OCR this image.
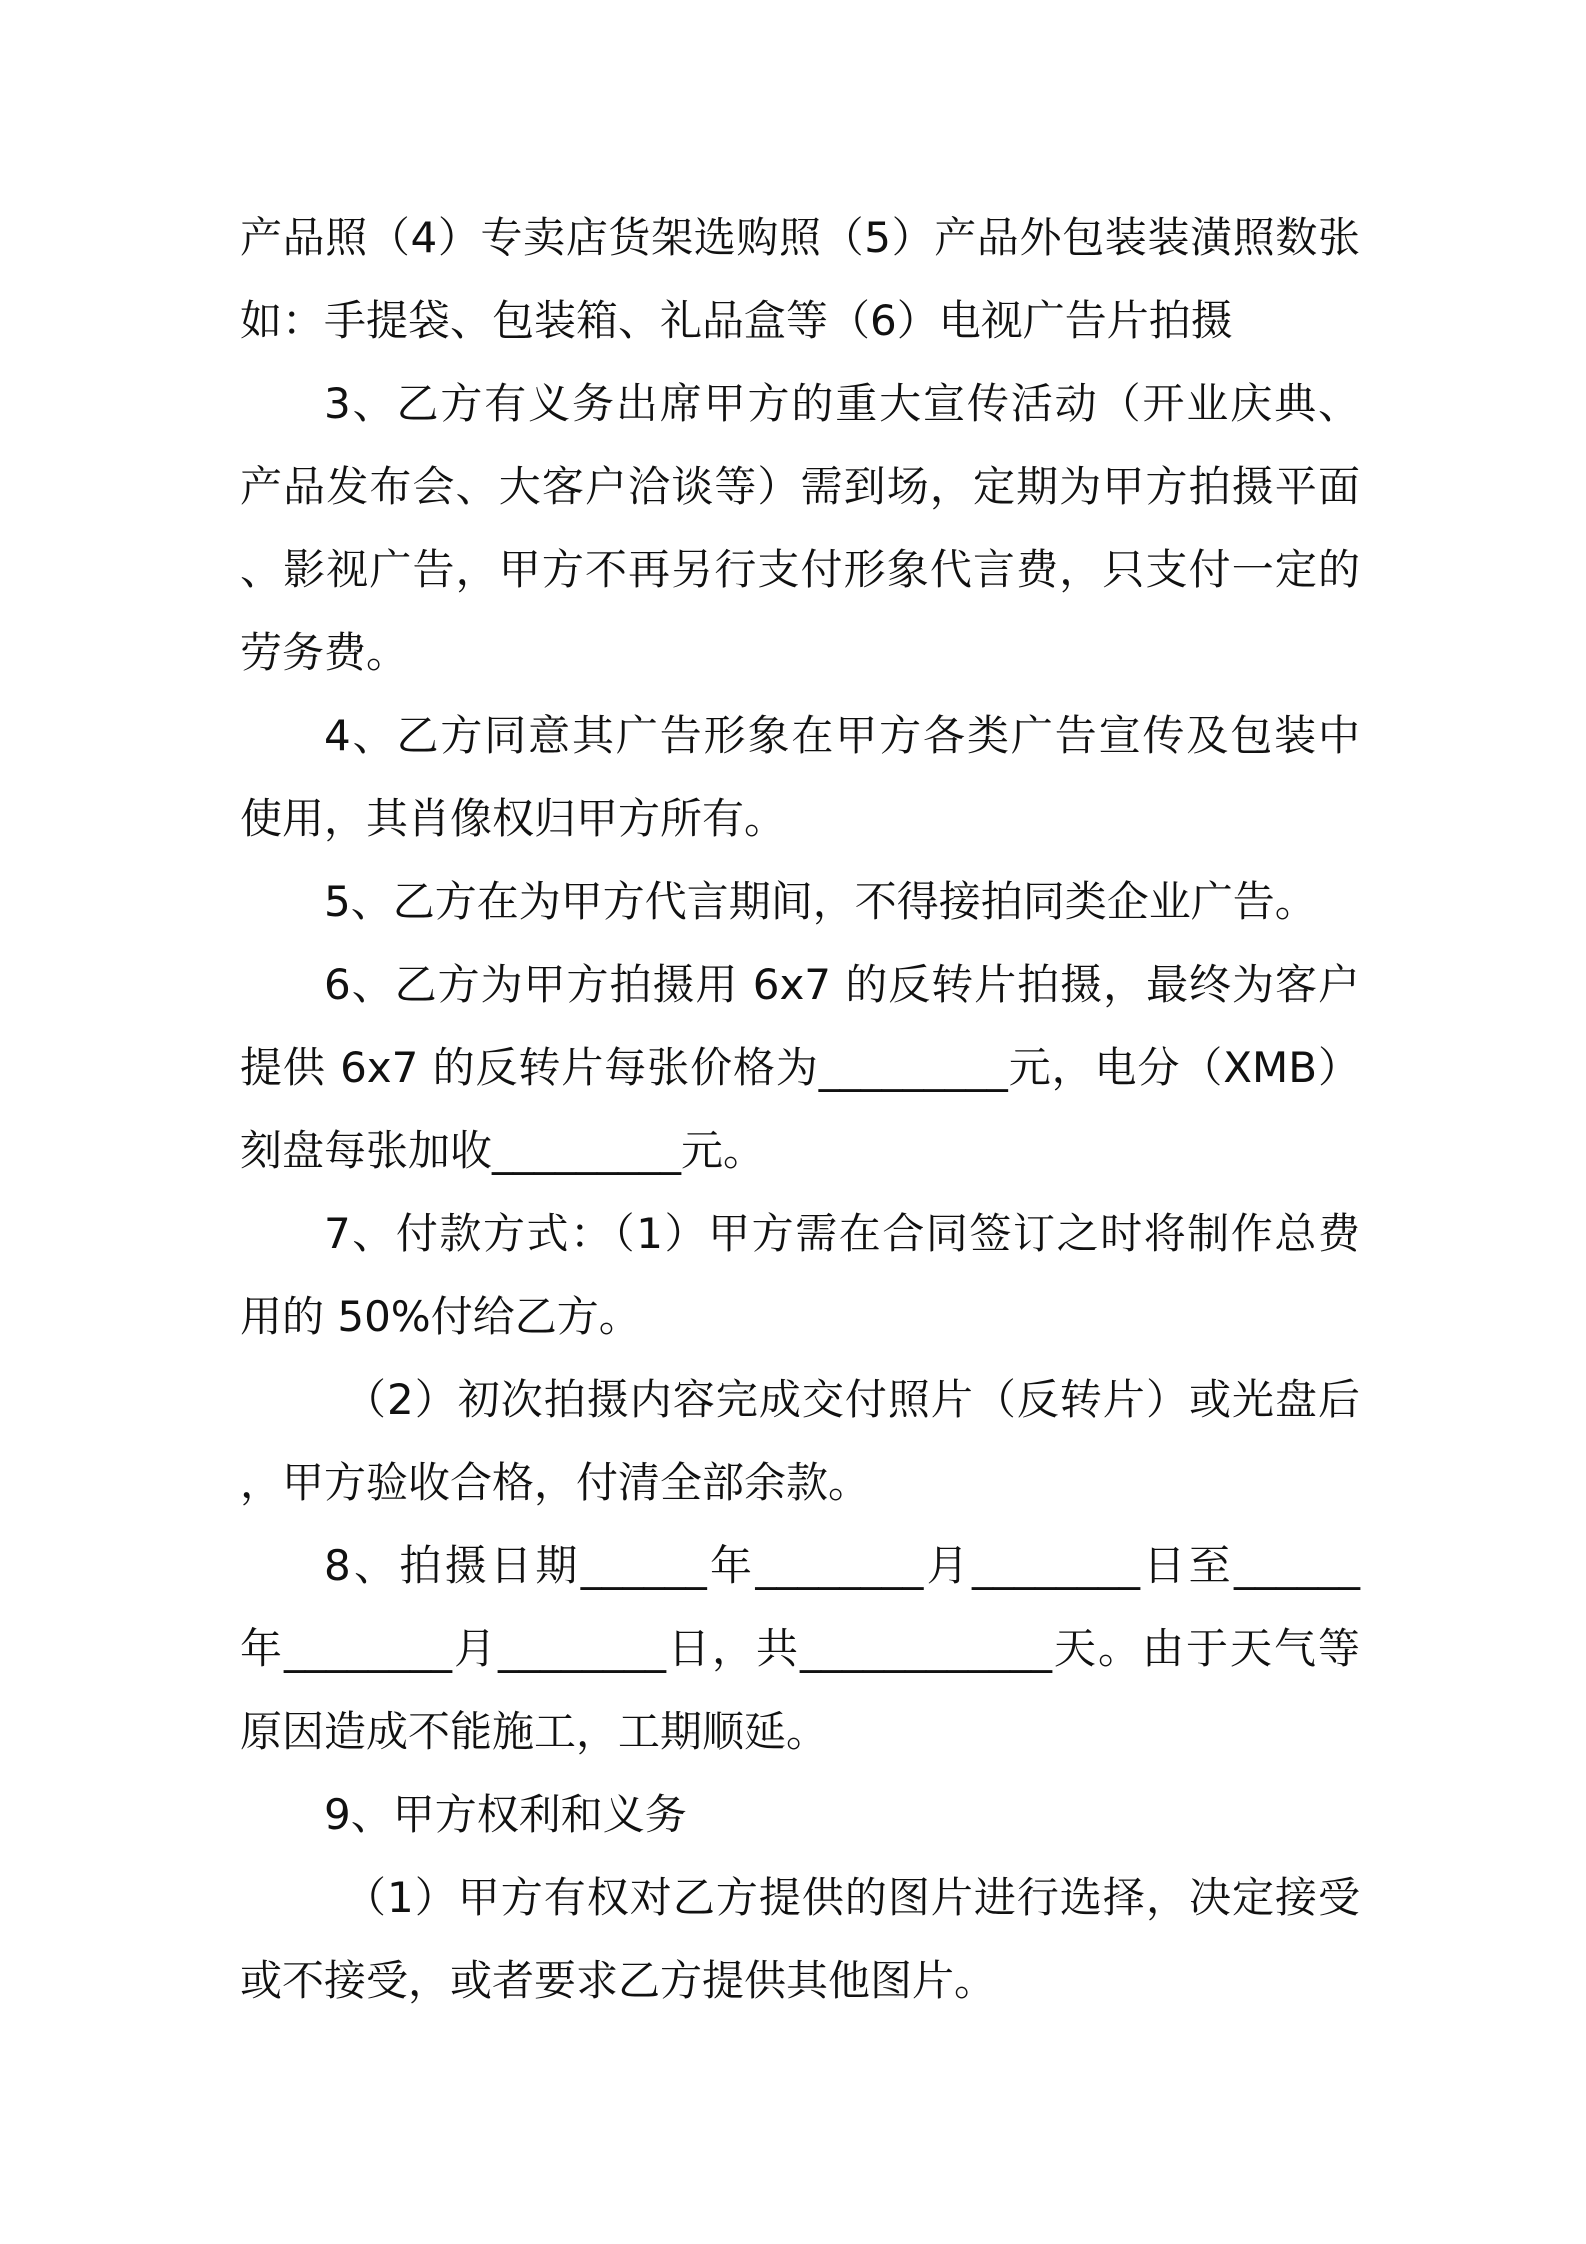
产品照（4）专卖店货架选购照（5）产品外包装装潢照数张
如：手提袋、包装箱、礼品盒等（6）电视广告片拍摄
3、乙方有义务出席甲方的重大宣传活动（开业庆典、
产品发布会、大客户洽谈等）需到场，定期为甲方拍摄平面
、影视广告，甲方不再另行支付形象代言费，只支付一定的
劳务费。
4、乙方同意其广告形象在甲方各类广告宣传及包装中
使用，其肖像权归甲方所有。
5、乙方在为甲方代言期间，不得接拍同类企业广告。
6、乙方为甲方拍摄用 6x7 的反转片拍摄，最终为客户
提供 6x7 的反转片每张价格为_________元，电分（XMB）
刻盘每张加收_________元。
7、付款方式：（1）甲方需在合同签订之时将制作总费
用的 50%付给乙方。
（2）初次拍摄内容完成交付照片（反转片）或光盘后
，甲方验收合格，付清全部余款。
8、拍摄日期______年________月________日至______
年________月________日，共____________天。由于天气等
原因造成不能施工，工期顺延。
9、甲方权利和义务
（1）甲方有权对乙方提供的图片进行选择，决定接受
或不接受，或者要求乙方提供其他图片。
